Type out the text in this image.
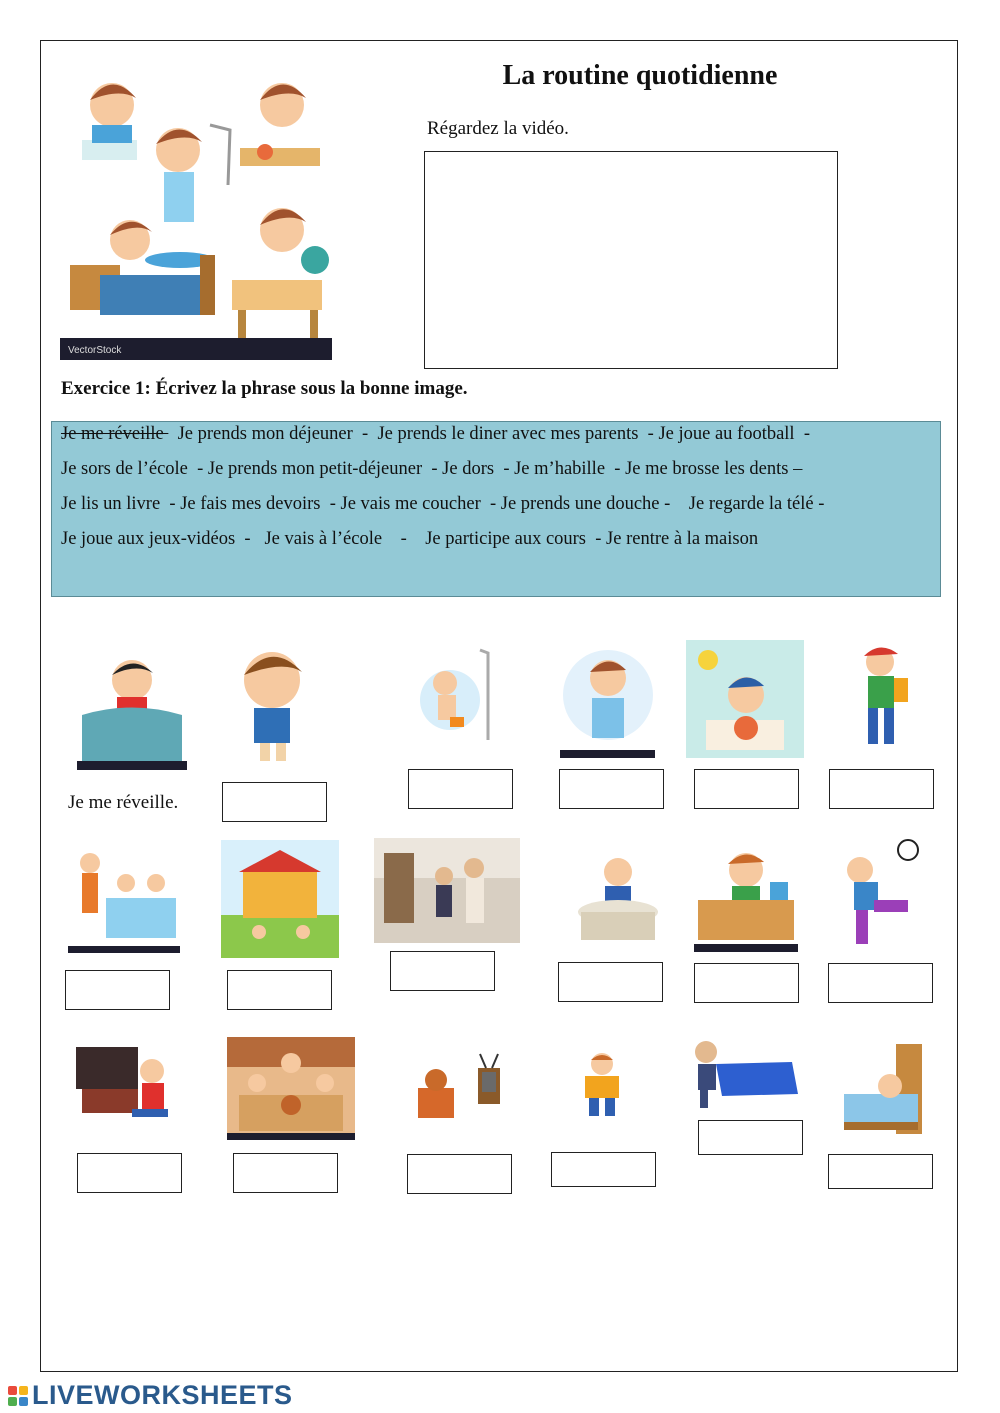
VectorStock
La routine quotidienne
Régardez la vidéo.
Exercice 1: Écrivez la phrase sous la bonne image.
Je me réveille   Je prends mon déjeuner  -  Je prends le diner avec mes parents  - Je joue au football  -
Je sors de l’école  - Je prends mon petit-déjeuner  - Je dors  - Je m’habille  - Je me brosse les dents –
Je lis un livre  - Je fais mes devoirs  - Je vais me coucher  - Je prends une douche -    Je regarde la télé -
Je joue aux jeux-vidéos  -   Je vais à l’école    -    Je participe aux cours  - Je rentre à la maison
Je me réveille.
LIVEWORKSHEETS
